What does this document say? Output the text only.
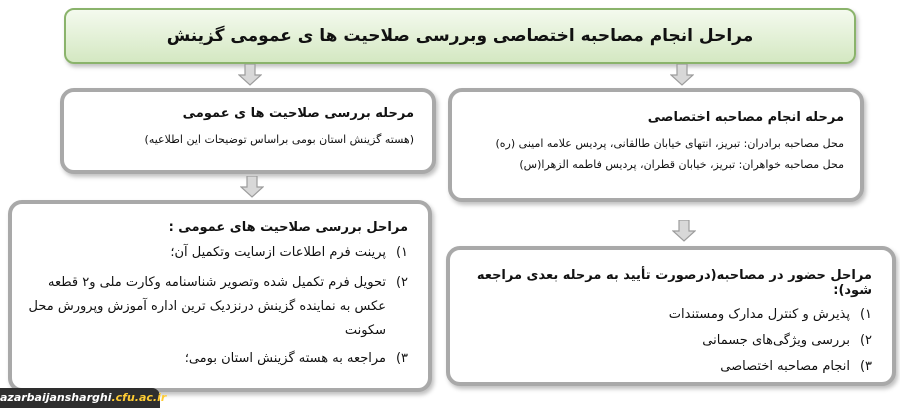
مراحل انجام مصاحبه اختصاصی وبررسی صلاحیت ها ی عمومی گزینش
مرحله بررسی صلاحیت ها ی عمومی
(هسته گزینش استان بومی براساس توضیحات این اطلاعیه)
مرحله انجام مصاحبه اختصاصی
محل مصاحبه برادران: تبریز، انتهای خیابان طالقانی، پردیس علامه امینی (ره)
محل مصاحبه خواهران: تبریز، خیابان قطران، پردیس فاطمه الزهرا(س)
مراحل بررسی صلاحیت های عمومی :
۱)
پرینت فرم اطلاعات ازسایت وتکمیل آن؛
۲)
تحویل فرم تکمیل شده وتصویر شناسنامه وکارت ملی و۲ قطعه عکس به نماینده گزینش درنزدیک ترین اداره آموزش وپرورش محل سکونت
۳)
مراجعه به هسته گزینش استان بومی؛
مراحل حضور در مصاحبه(درصورت تأیید به مرحله بعدی مراجعه شود):
۱)
پذیرش و کنترل مدارک ومستندات
۲)
بررسی ویژگی‌های جسمانی
۳)
انجام مصاحبه اختصاصی
azarbaijansharghi.cfu.ac.ir
